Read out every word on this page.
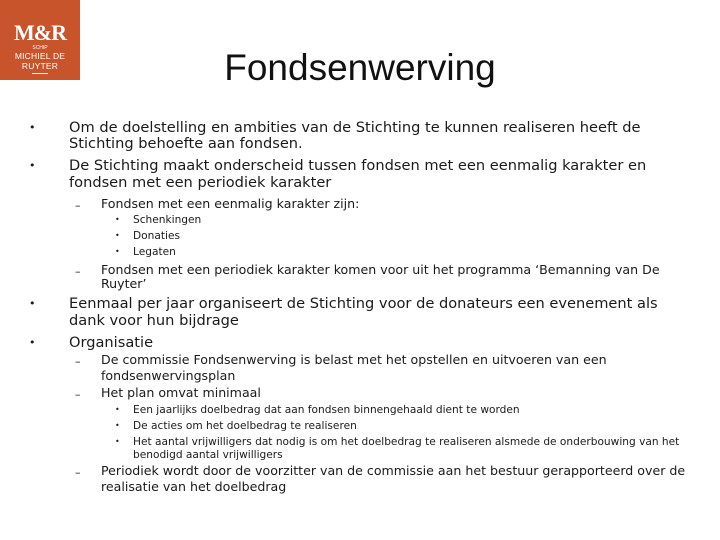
M&R
SCHIP
MICHIEL DE RUYTER	Fondsenwerving
• Om de doelstelling en ambities van de Stichting te kunnen realiseren heeft de
Stichting behoefte aan fondsen.
• De Stichting maakt onderscheid tussen fondsen met een eenmalig karakter en
fondsen met een periodiek karakter
– Fondsen met een eenmalig karakter zijn:
• Schenkingen
• Donaties
• Legaten
– Fondsen met een periodiek karakter komen voor uit het programma ‘Bemanning van De
Ruyter’
• Eenmaal per jaar organiseert de Stichting voor de donateurs een evenement als
dank voor hun bijdrage
• Organisatie
– De commissie Fondsenwerving is belast met het opstellen en uitvoeren van een
fondsenwervingsplan
– Het plan omvat minimaal
• Een jaarlijks doelbedrag dat aan fondsen binnengehaald dient te worden
• De acties om het doelbedrag te realiseren
• Het aantal vrijwilligers dat nodig is om het doelbedrag te realiseren alsmede de onderbouwing van het
benodigd aantal vrijwilligers
– Periodiek wordt door de voorzitter van de commissie aan het bestuur gerapporteerd over de
realisatie van het doelbedrag
